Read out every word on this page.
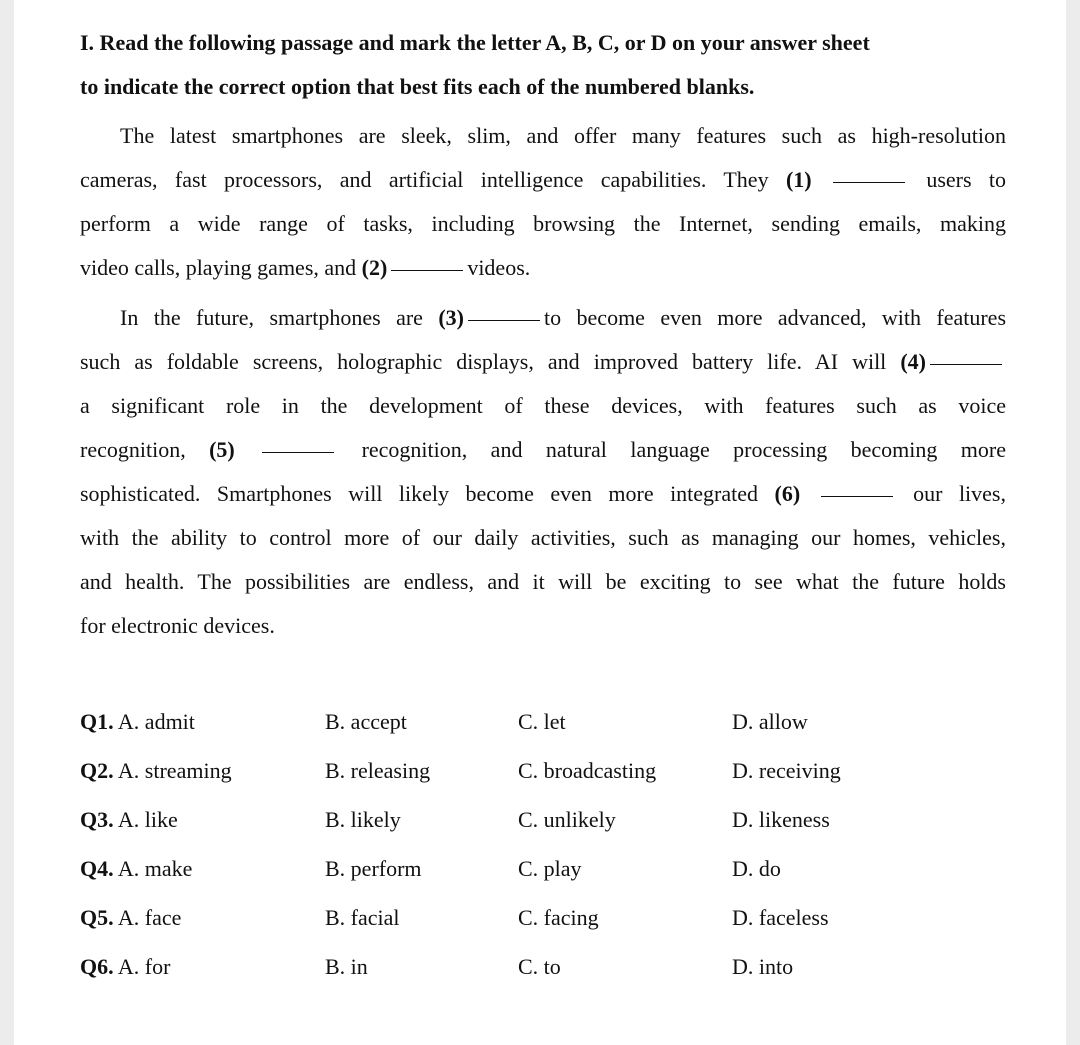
I. Read the following passage and mark the letter A, B, C, or D on your answer sheet
to indicate the correct option that best fits each of the numbered blanks.
The latest smartphones are sleek, slim, and offer many features such as high-resolution
cameras, fast processors, and artificial intelligence capabilities. They (1)	users to
perform a wide range of tasks, including browsing the Internet, sending emails, making
video calls, playing games, and (2)	videos.
In the future, smartphones are (3)	to become even more advanced, with features
such as foldable screens, holographic displays, and improved battery life. AI will (4)
a significant role in the development of these devices, with features such as voice
recognition, (5)	recognition, and natural language processing becoming more
sophisticated. Smartphones will likely become even more integrated (6)	our lives,
with the ability to control more of our daily activities, such as managing our homes, vehicles,
and health. The possibilities are endless, and it will be exciting to see what the future holds
for electronic devices.
Q1. A. admit	B. accept	C. let	D. allow
Q2. A. streaming	B. releasing	C. broadcasting	D. receiving
Q3. A. like	B. likely	C. unlikely	D. likeness
Q4. A. make	B. perform	C. play	D. do
Q5. A. face	B. facial	C. facing	D. faceless
Q6. A. for	B. in	C. to	D. into
